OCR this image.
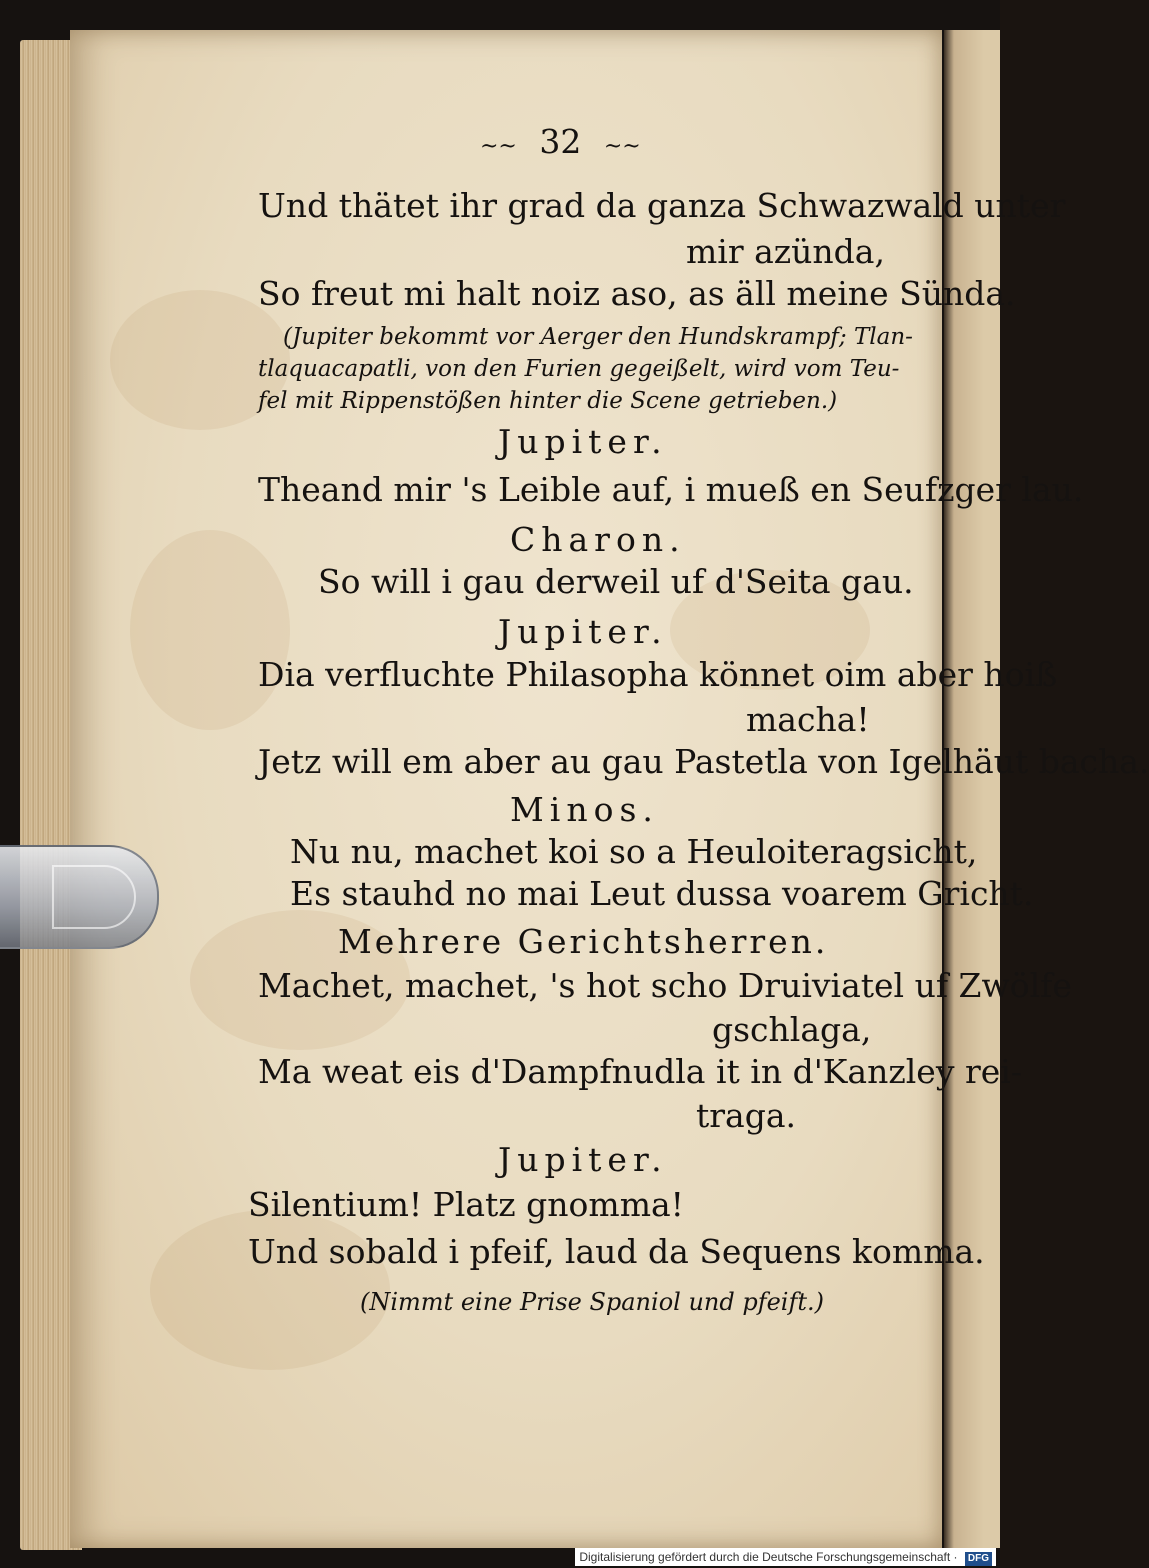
~~ 32 ~~
Und thätet ihr grad da ganza Schwazwald unter
mir azünda,
So freut mi halt noiz aso, as äll meine Sünda.
(Jupiter bekommt vor Aerger den Hundskrampf; Tlan-
tlaquacapatli, von den Furien gegeißelt, wird vom Teu-
fel mit Rippenstößen hinter die Scene getrieben.)
Jupiter.
Theand mir 's Leible auf, i mueß en Seufzger lau.
Charon.
So will i gau derweil uf d'Seita gau.
Jupiter.
Dia verfluchte Philasopha könnet oim aber hoiß
macha!
Jetz will em aber au gau Pastetla von Igelhäut bacha.
Minos.
Nu nu, machet koi so a Heuloiteragsicht,
Es stauhd no mai Leut dussa voarem Gricht.
Mehrere Gerichtsherren.
Machet, machet, 's hot scho Druiviatel uf Zwölfe
gschlaga,
Ma weat eis d'Dampfnudla it in d'Kanzley rei-
traga.
Jupiter.
Silentium! Platz gnomma!
Und sobald i pfeif, laud da Sequens komma.
(Nimmt eine Prise Spaniol und pfeift.)
Digitalisierung gefördert durch die Deutsche Forschungsgemeinschaft · DFG
